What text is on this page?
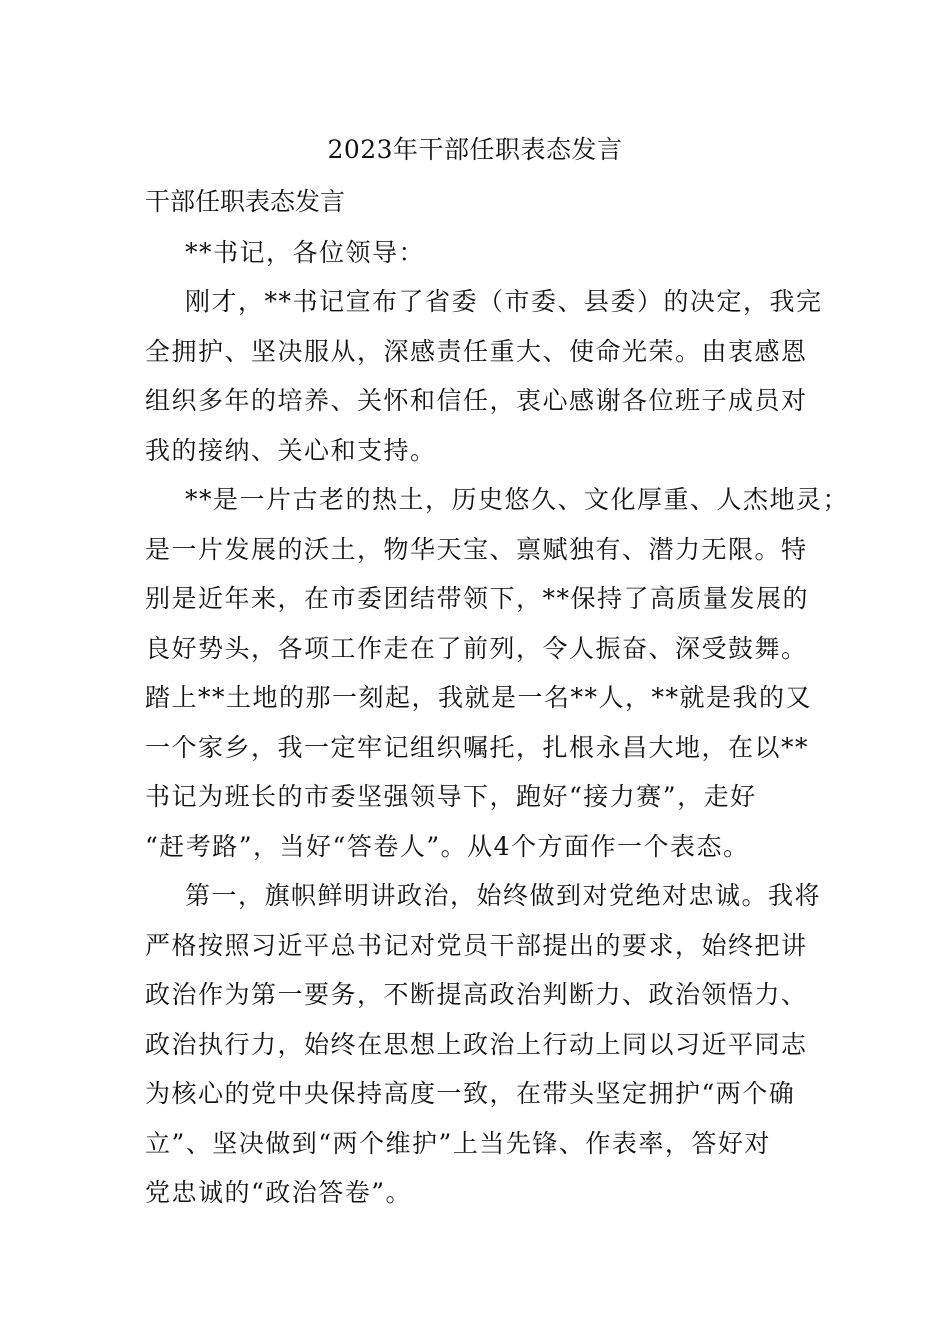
2023年干部任职表态发言
干部任职表态发言
**书记，各位领导：
刚才，**书记宣布了省委（市委、县委）的决定，我完
全拥护、坚决服从，深感责任重大、使命光荣。由衷感恩
组织多年的培养、关怀和信任，衷心感谢各位班子成员对
我的接纳、关心和支持。
**是一片古老的热土，历史悠久、文化厚重、人杰地灵；
是一片发展的沃土，物华天宝、禀赋独有、潜力无限。特
别是近年来，在市委团结带领下，**保持了高质量发展的
良好势头，各项工作走在了前列，令人振奋、深受鼓舞。
踏上**土地的那一刻起，我就是一名**人，**就是我的又
一个家乡，我一定牢记组织嘱托，扎根永昌大地，在以**
书记为班长的市委坚强领导下，跑好“接力赛”，走好
“赶考路”，当好“答卷人”。从4个方面作一个表态。
第一，旗帜鲜明讲政治，始终做到对党绝对忠诚。我将
严格按照习近平总书记对党员干部提出的要求，始终把讲
政治作为第一要务，不断提高政治判断力、政治领悟力、
政治执行力，始终在思想上政治上行动上同以习近平同志
为核心的党中央保持高度一致，在带头坚定拥护“两个确
立”、坚决做到“两个维护”上当先锋、作表率，答好对
党忠诚的“政治答卷”。
